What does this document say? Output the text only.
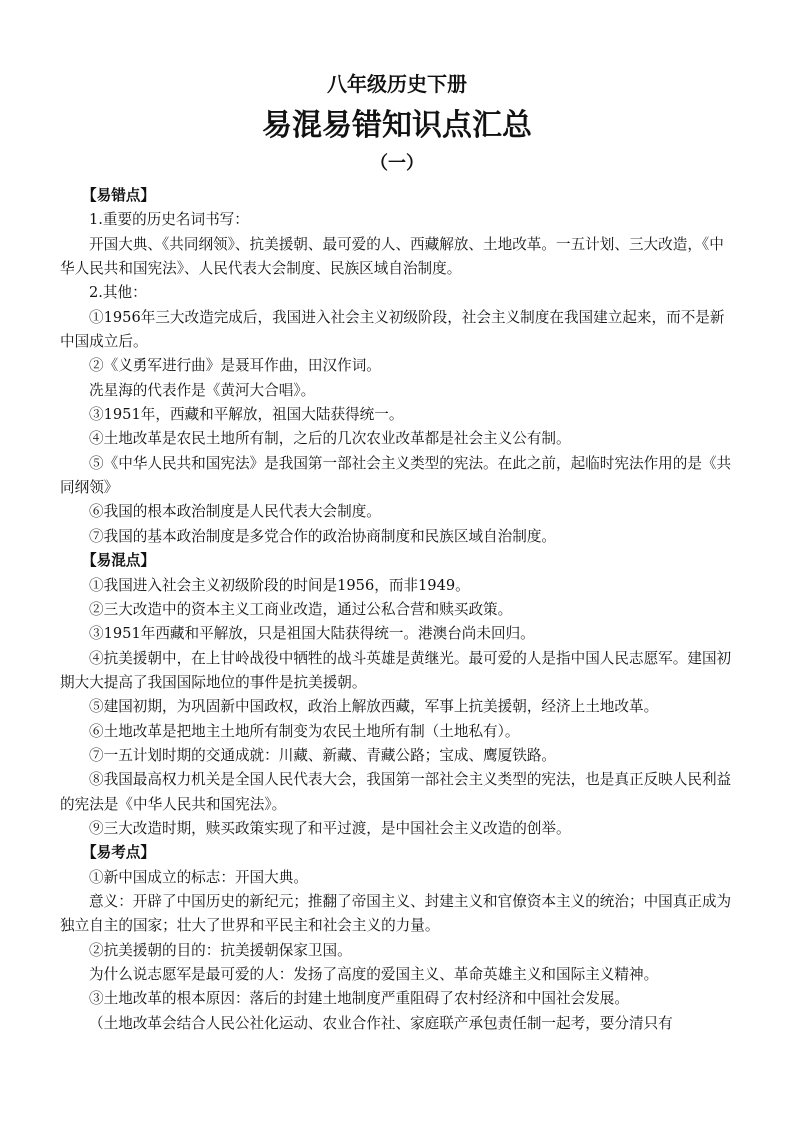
八年级历史下册
易混易错知识点汇总
（一）

【易错点】

1.重要的历史名词书写：

开国大典、《共同纲领》、抗美援朝、最可爱的人、西藏解放、土地改革。一五计划、三大改造，《中华人民共和国宪法》、人民代表大会制度、民族区域自治制度。

2.其他：

①1956年三大改造完成后，我国进入社会主义初级阶段，社会主义制度在我国建立起来，而不是新中国成立后。

②《义勇军进行曲》是聂耳作曲，田汉作词。

冼星海的代表作是《黄河大合唱》。

③1951年，西藏和平解放，祖国大陆获得统一。

④土地改革是农民土地所有制，之后的几次农业改革都是社会主义公有制。

⑤《中华人民共和国宪法》是我国第一部社会主义类型的宪法。在此之前，起临时宪法作用的是《共同纲领》

⑥我国的根本政治制度是人民代表大会制度。

⑦我国的基本政治制度是多党合作的政治协商制度和民族区域自治制度。

【易混点】

①我国进入社会主义初级阶段的时间是1956，而非1949。

②三大改造中的资本主义工商业改造，通过公私合营和赎买政策。

③1951年西藏和平解放，只是祖国大陆获得统一。港澳台尚未回归。

④抗美援朝中，在上甘岭战役中牺牲的战斗英雄是黄继光。最可爱的人是指中国人民志愿军。建国初期大大提高了我国国际地位的事件是抗美援朝。

⑤建国初期，为巩固新中国政权，政治上解放西藏，军事上抗美援朝，经济上土地改革。

⑥土地改革是把地主土地所有制变为农民土地所有制（土地私有）。

⑦一五计划时期的交通成就：川藏、新藏、青藏公路；宝成、鹰厦铁路。

⑧我国最高权力机关是全国人民代表大会，我国第一部社会主义类型的宪法，也是真正反映人民利益的宪法是《中华人民共和国宪法》。

⑨三大改造时期，赎买政策实现了和平过渡，是中国社会主义改造的创举。

【易考点】

①新中国成立的标志：开国大典。

意义：开辟了中国历史的新纪元；推翻了帝国主义、封建主义和官僚资本主义的统治；中国真正成为独立自主的国家；壮大了世界和平民主和社会主义的力量。

②抗美援朝的目的：抗美援朝保家卫国。

为什么说志愿军是最可爱的人：发扬了高度的爱国主义、革命英雄主义和国际主义精神。

③土地改革的根本原因：落后的封建土地制度严重阻碍了农村经济和中国社会发展。

（土地改革会结合人民公社化运动、农业合作社、家庭联产承包责任制一起考，要分清只有
